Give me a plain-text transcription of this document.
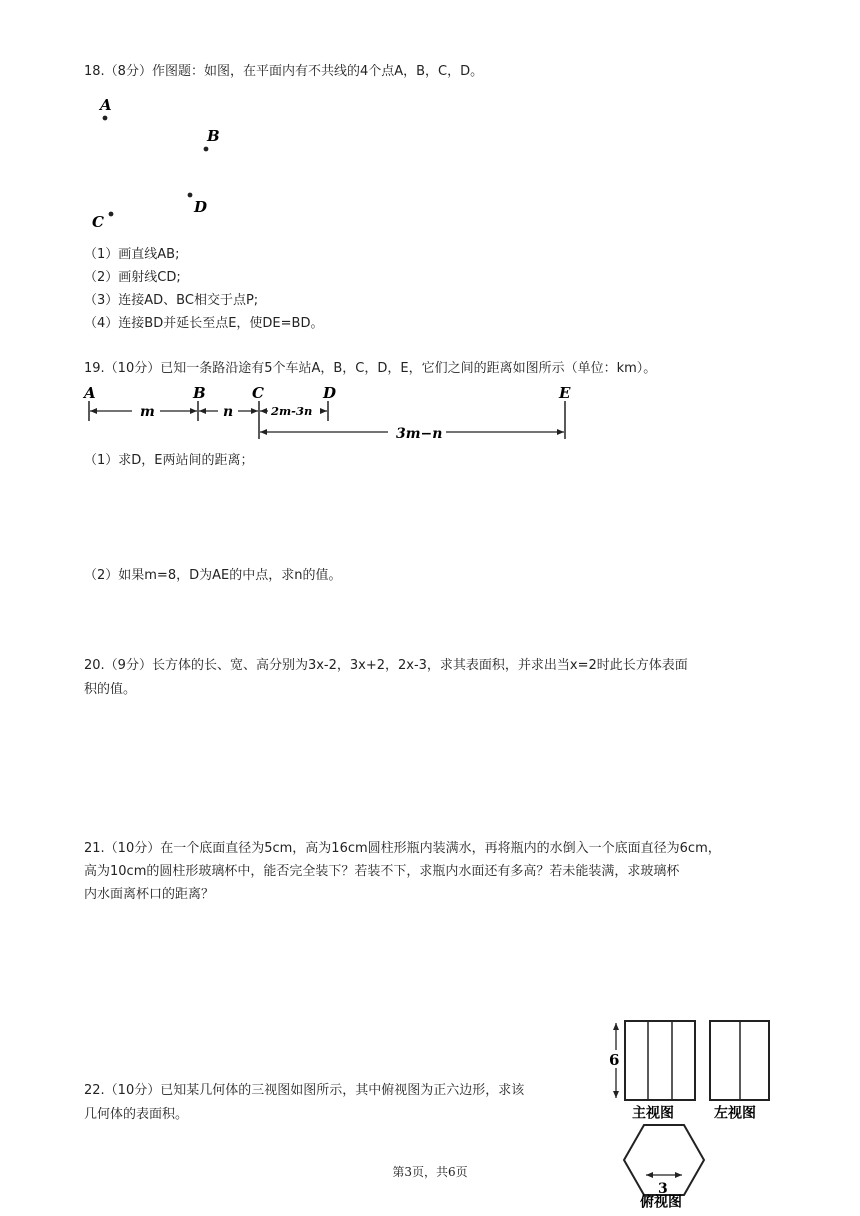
18.（8分）作图题：如图，在平面内有不共线的4个点A，B，C，D。
A
B
C
D
（1）画直线AB;
（2）画射线CD;
（3）连接AD、BC相交于点P;
（4）连接BD并延长至点E，使DE=BD。
19.（10分）已知一条路沿途有5个车站A，B，C，D，E，它们之间的距离如图所示（单位：km）。
A	B	C	D	E
m	n	2m-3n
3m−n
（1）求D，E两站间的距离；
（2）如果m=8，D为AE的中点，求n的值。
20.（9分）长方体的长、宽、高分别为3x-2，3x+2，2x-3，求其表面积，并求出当x=2时此长方体表面
积的值。
21.（10分）在一个底面直径为5cm，高为16cm圆柱形瓶内装满水，再将瓶内的水倒入一个底面直径为6cm，
高为10cm的圆柱形玻璃杯中，能否完全装下？若装不下，求瓶内水面还有多高？若未能装满，求玻璃杯
内水面离杯口的距离？
22.（10分）已知某几何体的三视图如图所示，其中俯视图为正六边形，求该
几何体的表面积。
6
主视图	左视图
3
俯视图
第3页，共6页
